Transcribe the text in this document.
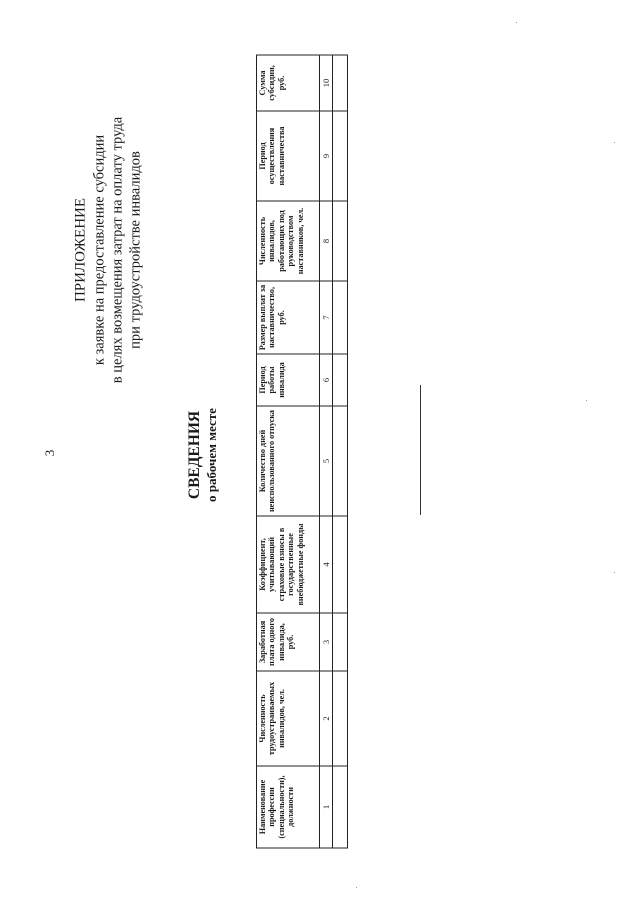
3
ПРИЛОЖЕНИЕ к заявке на предоставление субсидии в целях возмещения затрат на оплату труда при трудоустройстве инвалидов
СВЕДЕНИЯ о рабочем месте
Наименование профессии (специальности), должности	Численность трудоустраиваемых инвалидов, чел.	Заработная плата одного инвалида, руб.	Коэффициент, учитывающий страховые взносы в государственные внебюджетные фонды	Количество дней неиспользованного отпуска	Период работы инвалида	Размер выплат за наставничество, руб.	Численность инвалидов, работающих под руководством наставников, чел.	Период осуществления наставничества	Сумма субсидии, руб.
1	2	3	4	5	6	7	8	9	10
